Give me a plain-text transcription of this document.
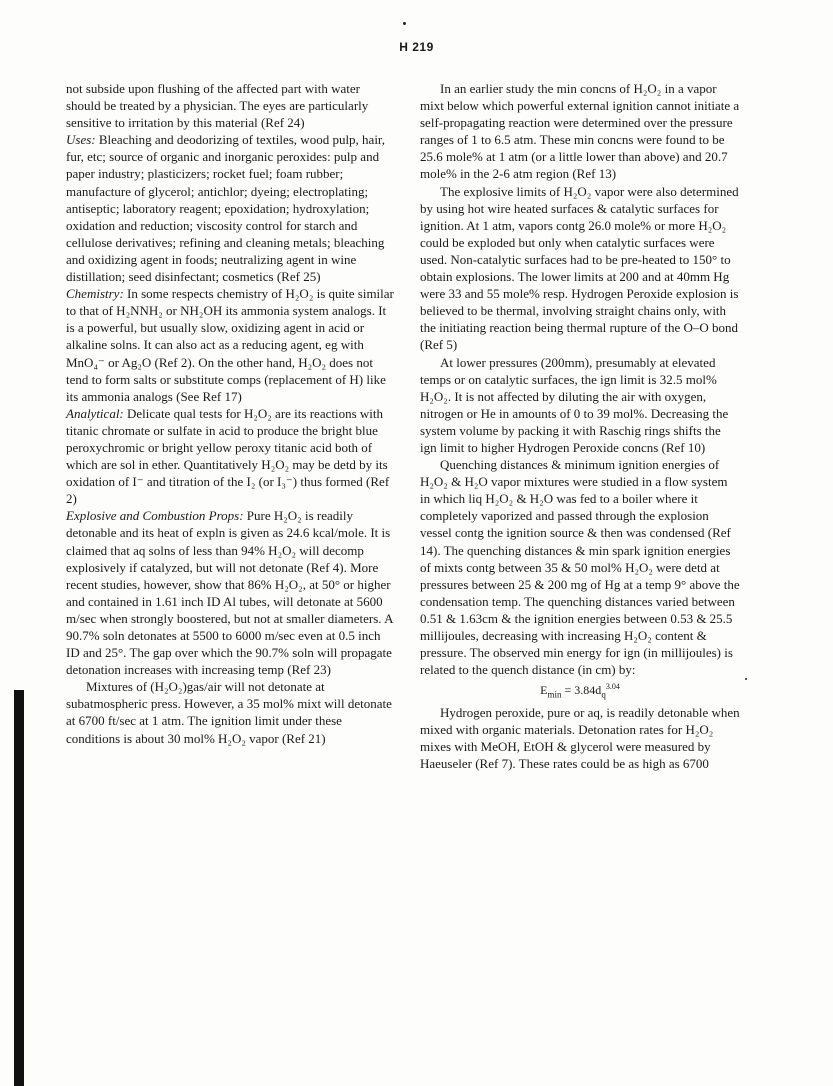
H 219

not subside upon flushing of the affected part with water should be treated by a physician. The eyes are particularly sensitive to irritation by this material (Ref 24)

Uses: Bleaching and deodorizing of textiles, wood pulp, hair, fur, etc; source of organic and inorganic peroxides: pulp and paper industry; plasticizers; rocket fuel; foam rubber; manufacture of glycerol; antichlor; dyeing; electroplating; antiseptic; laboratory reagent; epoxidation; hydroxylation; oxidation and reduction; viscosity control for starch and cellulose derivatives; refining and cleaning metals; bleaching and oxidizing agent in foods; neutralizing agent in wine distillation; seed disinfectant; cosmetics (Ref 25)

Chemistry: In some respects chemistry of H₂O₂ is quite similar to that of H₂NNH₂ or NH₂OH its ammonia system analogs. It is a powerful, but usually slow, oxidizing agent in acid or alkaline solns. It can also act as a reducing agent, eg with MnO₄⁻ or Ag₂O (Ref 2). On the other hand, H₂O₂ does not tend to form salts or substitute comps (replacement of H) like its ammonia analogs (See Ref 17)

Analytical: Delicate qual tests for H₂O₂ are its reactions with titanic chromate or sulfate in acid to produce the bright blue peroxychromic or bright yellow peroxy titanic acid both of which are sol in ether. Quantitatively H₂O₂ may be detd by its oxidation of I⁻ and titration of the I₂ (or I₃⁻) thus formed (Ref 2)

Explosive and Combustion Props: Pure H₂O₂ is readily detonable and its heat of expln is given as 24.6 kcal/mole. It is claimed that aq solns of less than 94% H₂O₂ will decomp explosively if catalyzed, but will not detonate (Ref 4). More recent studies, however, show that 86% H₂O₂, at 50° or higher and contained in 1.61 inch ID Al tubes, will detonate at 5600 m/sec when strongly boostered, but not at smaller diameters. A 90.7% soln detonates at 5500 to 6000 m/sec even at 0.5 inch ID and 25°. The gap over which the 90.7% soln will propagate detonation increases with increasing temp (Ref 23)

Mixtures of (H₂O₂)gas/air will not detonate at subatmospheric press. However, a 35 mol% mixt will detonate at 6700 ft/sec at 1 atm. The ignition limit under these conditions is about 30 mol% H₂O₂ vapor (Ref 21)

In an earlier study the min concns of H₂O₂ in a vapor mixt below which powerful external ignition cannot initiate a self-propagating reaction were determined over the pressure ranges of 1 to 6.5 atm. These min concns were found to be 25.6 mole% at 1 atm (or a little lower than above) and 20.7 mole% in the 2-6 atm region (Ref 13)

The explosive limits of H₂O₂ vapor were also determined by using hot wire heated surfaces & catalytic surfaces for ignition. At 1 atm, vapors contg 26.0 mole% or more H₂O₂ could be exploded but only when catalytic surfaces were used. Non-catalytic surfaces had to be pre-heated to 150° to obtain explosions. The lower limits at 200 and at 40mm Hg were 33 and 55 mole% resp. Hydrogen Peroxide explosion is believed to be thermal, involving straight chains only, with the initiating reaction being thermal rupture of the O–O bond (Ref 5)

At lower pressures (200mm), presumably at elevated temps or on catalytic surfaces, the ign limit is 32.5 mol% H₂O₂. It is not affected by diluting the air with oxygen, nitrogen or He in amounts of 0 to 39 mol%. Decreasing the system volume by packing it with Raschig rings shifts the ign limit to higher Hydrogen Peroxide concns (Ref 10)

Quenching distances & minimum ignition energies of H₂O₂ & H₂O vapor mixtures were studied in a flow system in which liq H₂O₂ & H₂O was fed to a boiler where it completely vaporized and passed through the explosion vessel contg the ignition source & then was condensed (Ref 14). The quenching distances & min spark ignition energies of mixts contg between 35 & 50 mol% H₂O₂ were detd at pressures between 25 & 200 mg of Hg at a temp 9° above the condensation temp. The quenching distances varied between 0.51 & 1.63cm & the ignition energies between 0.53 & 25.5 millijoules, decreasing with increasing H₂O₂ content & pressure. The observed min energy for ign (in millijoules) is related to the quench distance (in cm) by:

$E_{min} = 3.84d_q^{3.04}$

Hydrogen peroxide, pure or aq, is readily detonable when mixed with organic materials. Detonation rates for H₂O₂ mixes with MeOH, EtOH & glycerol were measured by Haeuseler (Ref 7). These rates could be as high as 6700
